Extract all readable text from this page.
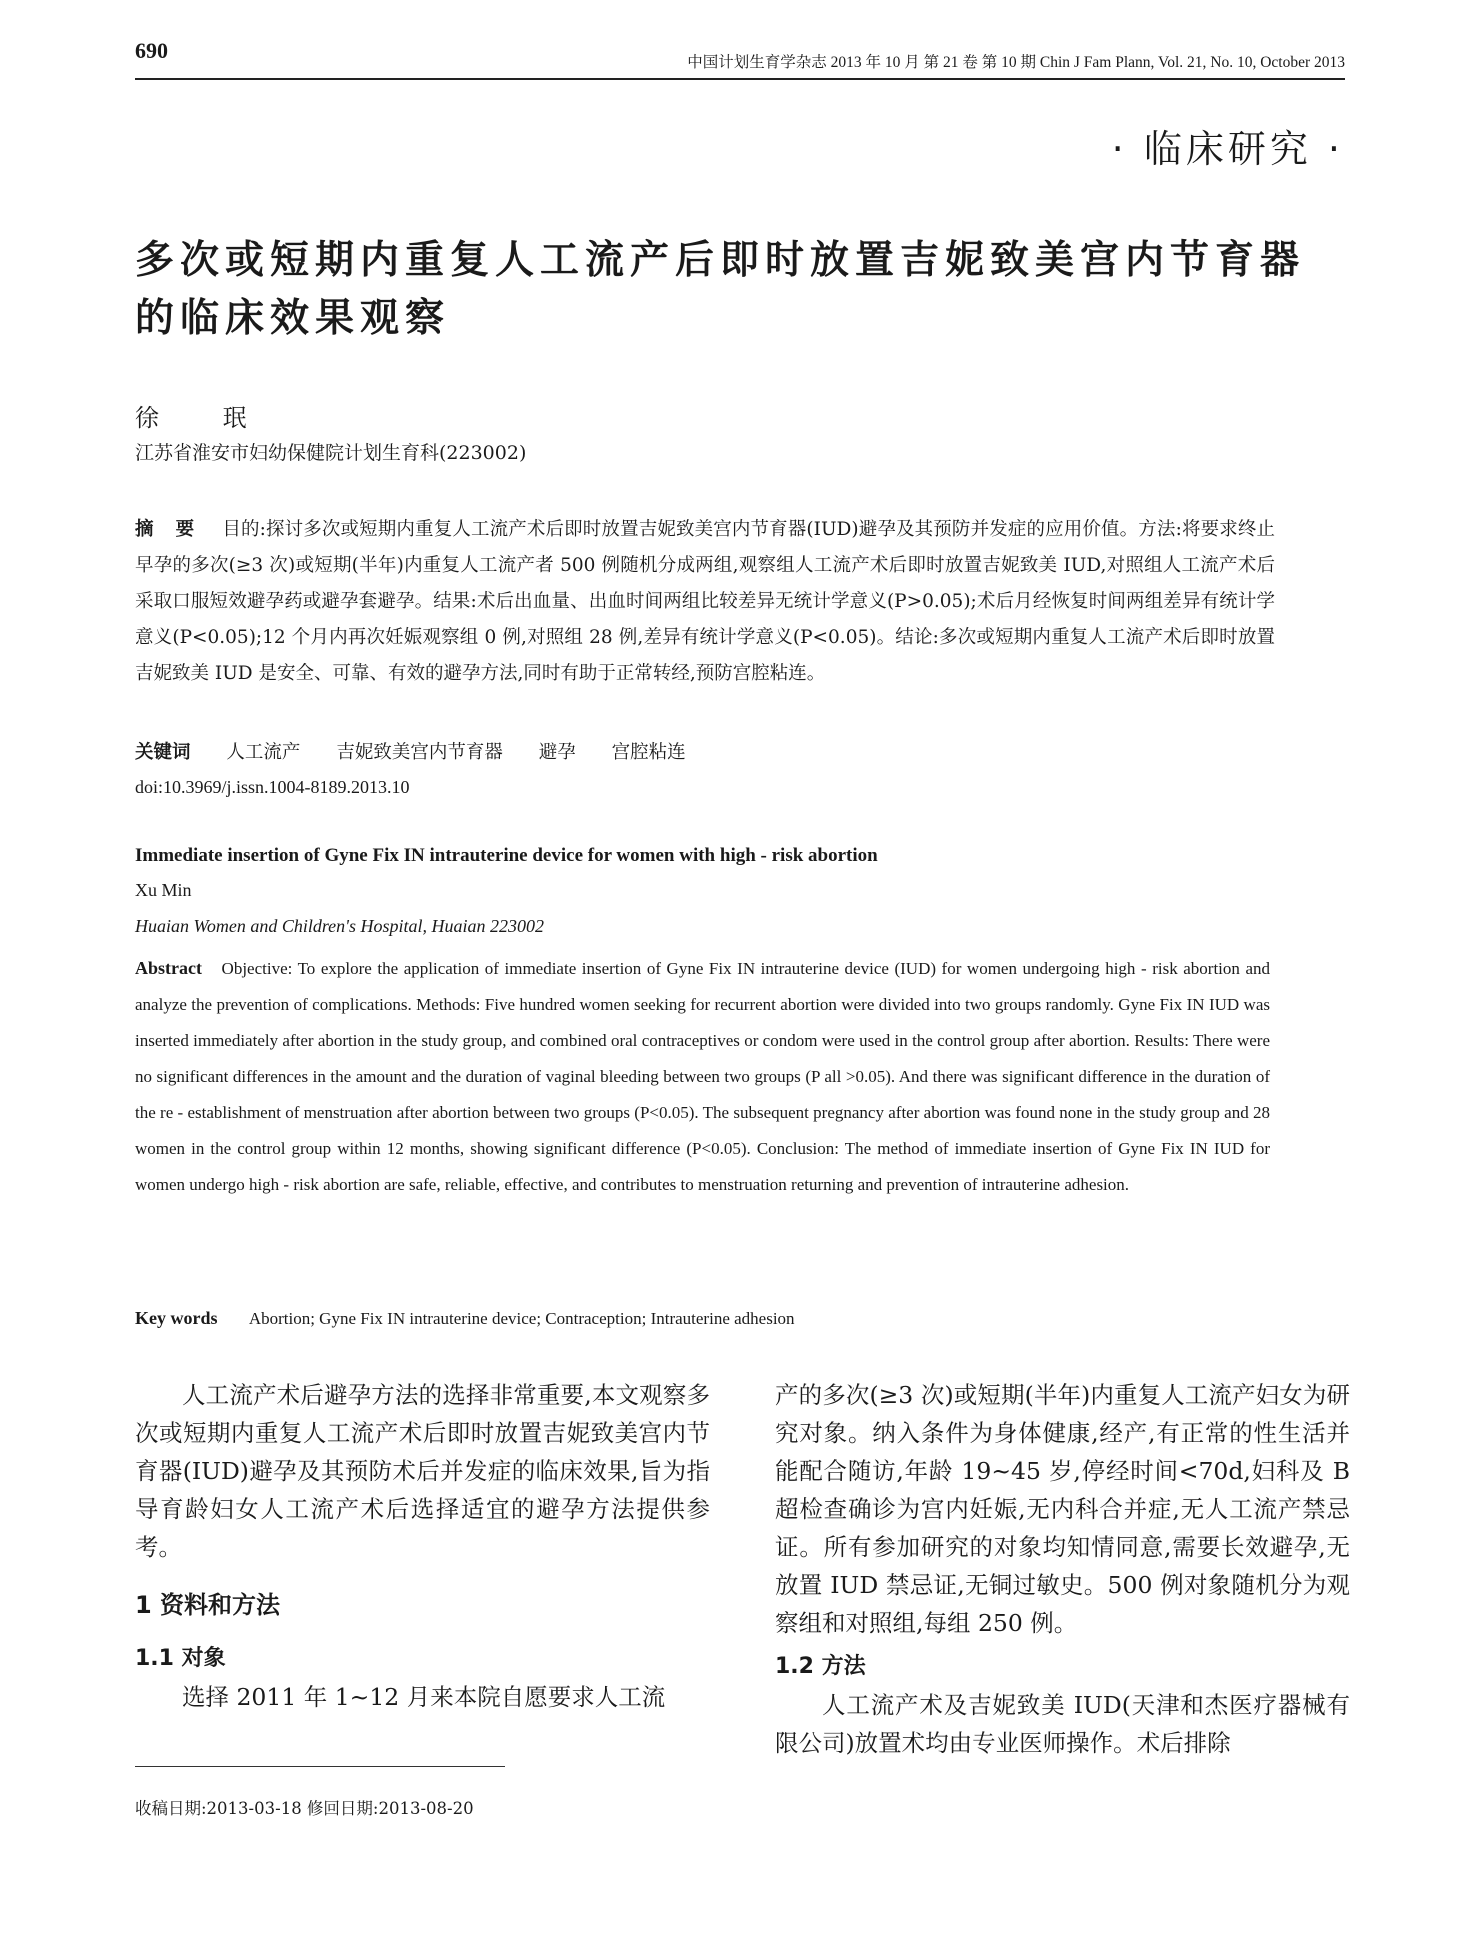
690	中国计划生育学杂志 2013 年 10 月 第 21 卷 第 10 期 Chin J Fam Plann, Vol. 21, No. 10, October 2013
· 临床研究 ·
多次或短期内重复人工流产后即时放置吉妮致美宫内节育器的临床效果观察
徐 珉
江苏省淮安市妇幼保健院计划生育科(223002)
摘要 目的:探讨多次或短期内重复人工流产术后即时放置吉妮致美宫内节育器(IUD)避孕及其预防并发症的应用价值。方法:将要求终止早孕的多次(≥3 次)或短期(半年)内重复人工流产者 500 例随机分成两组,观察组人工流产术后即时放置吉妮致美 IUD,对照组人工流产术后采取口服短效避孕药或避孕套避孕。结果:术后出血量、出血时间两组比较差异无统计学意义(P>0.05);术后月经恢复时间两组差异有统计学意义(P<0.05);12 个月内再次妊娠观察组 0 例,对照组 28 例,差异有统计学意义(P<0.05)。结论:多次或短期内重复人工流产术后即时放置吉妮致美 IUD 是安全、可靠、有效的避孕方法,同时有助于正常转经,预防宫腔粘连。
关键词 人工流产 吉妮致美宫内节育器 避孕 宫腔粘连
doi:10.3969/j.issn.1004-8189.2013.10
Immediate insertion of Gyne Fix IN intrauterine device for women with high - risk abortion
Xu Min
Huaian Women and Children's Hospital, Huaian 223002
Abstract Objective: To explore the application of immediate insertion of Gyne Fix IN intrauterine device (IUD) for women undergoing high - risk abortion and analyze the prevention of complications. Methods: Five hundred women seeking for recurrent abortion were divided into two groups randomly. Gyne Fix IN IUD was inserted immediately after abortion in the study group, and combined oral contraceptives or condom were used in the control group after abortion. Results: There were no significant differences in the amount and the duration of vaginal bleeding between two groups (P all >0.05). And there was significant difference in the duration of the re - establishment of menstruation after abortion between two groups (P<0.05). The subsequent pregnancy after abortion was found none in the study group and 28 women in the control group within 12 months, showing significant difference (P<0.05). Conclusion: The method of immediate insertion of Gyne Fix IN IUD for women undergo high - risk abortion are safe, reliable, effective, and contributes to menstruation returning and prevention of intrauterine adhesion.
Key words Abortion; Gyne Fix IN intrauterine device; Contraception; Intrauterine adhesion

人工流产术后避孕方法的选择非常重要,本文观察多次或短期内重复人工流产术后即时放置吉妮致美宫内节育器(IUD)避孕及其预防术后并发症的临床效果,旨为指导育龄妇女人工流产术后选择适宜的避孕方法提供参考。

1 资料和方法
1.1 对象

选择 2011 年 1~12 月来本院自愿要求人工流

产的多次(≥3 次)或短期(半年)内重复人工流产妇女为研究对象。纳入条件为身体健康,经产,有正常的性生活并能配合随访,年龄 19~45 岁,停经时间<70d,妇科及 B 超检查确诊为宫内妊娠,无内科合并症,无人工流产禁忌证。所有参加研究的对象均知情同意,需要长效避孕,无放置 IUD 禁忌证,无铜过敏史。500 例对象随机分为观察组和对照组,每组 250 例。

1.2 方法

人工流产术及吉妮致美 IUD(天津和杰医疗器械有限公司)放置术均由专业医师操作。术后排除

收稿日期:2013-03-18 修回日期:2013-08-20
